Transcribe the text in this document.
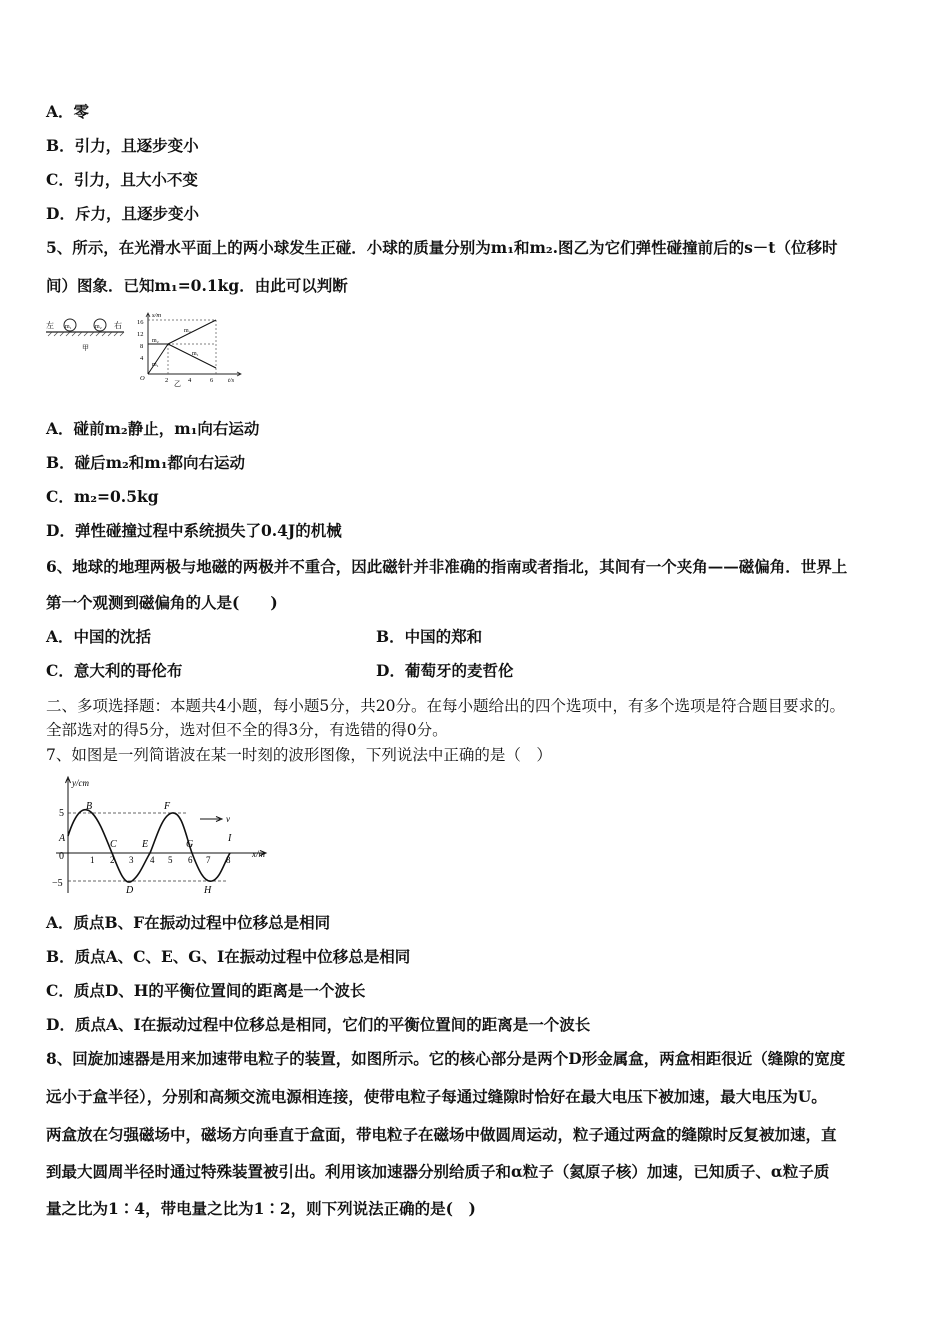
A．零
B．引力，且逐步变小
C．引力，且大小不变
D．斥力，且逐步变小
5、所示，在光滑水平面上的两小球发生正碰．小球的质量分别为m₁和m₂.图乙为它们弹性碰撞前后的s－t（位移时
间）图象．已知m₁=0.1kg．由此可以判断
左	右
m₁	m₂
甲
s/m
t/s
O
16
12
8
4
2	4	6
m₁
m₂
m₂
m₁
乙
A．碰前m₂静止，m₁向右运动
B．碰后m₂和m₁都向右运动
C．m₂=0.5kg
D．弹性碰撞过程中系统损失了0.4J的机械
6、地球的地理两极与地磁的两极并不重合，因此磁针并非准确的指南或者指北，其间有一个夹角——磁偏角．世界上
第一个观测到磁偏角的人是(　　)
A．中国的沈括	B．中国的郑和
C．意大利的哥伦布	D．葡萄牙的麦哲伦
二、多项选择题：本题共4小题，每小题5分，共20分。在每小题给出的四个选项中，有多个选项是符合题目要求的。
全部选对的得5分，选对但不全的得3分，有选错的得0分。
7、如图是一列简谐波在某一时刻的波形图像，下列说法中正确的是（　）
y/cm
x/m
0
5
−5
v
1 2 3 4 5 6 7 8
A
B
C
D
E
F
G
H
I
A．质点B、F在振动过程中位移总是相同
B．质点A、C、E、G、I在振动过程中位移总是相同
C．质点D、H的平衡位置间的距离是一个波长
D．质点A、I在振动过程中位移总是相同，它们的平衡位置间的距离是一个波长
8、回旋加速器是用来加速带电粒子的装置，如图所示。它的核心部分是两个D形金属盒，两盒相距很近（缝隙的宽度
远小于盒半径），分别和高频交流电源相连接，使带电粒子每通过缝隙时恰好在最大电压下被加速，最大电压为U。
两盒放在匀强磁场中，磁场方向垂直于盒面，带电粒子在磁场中做圆周运动，粒子通过两盒的缝隙时反复被加速，直
到最大圆周半径时通过特殊装置被引出。利用该加速器分别给质子和α粒子（氦原子核）加速，已知质子、α粒子质
量之比为1∶4，带电量之比为1∶2，则下列说法正确的是(　)
